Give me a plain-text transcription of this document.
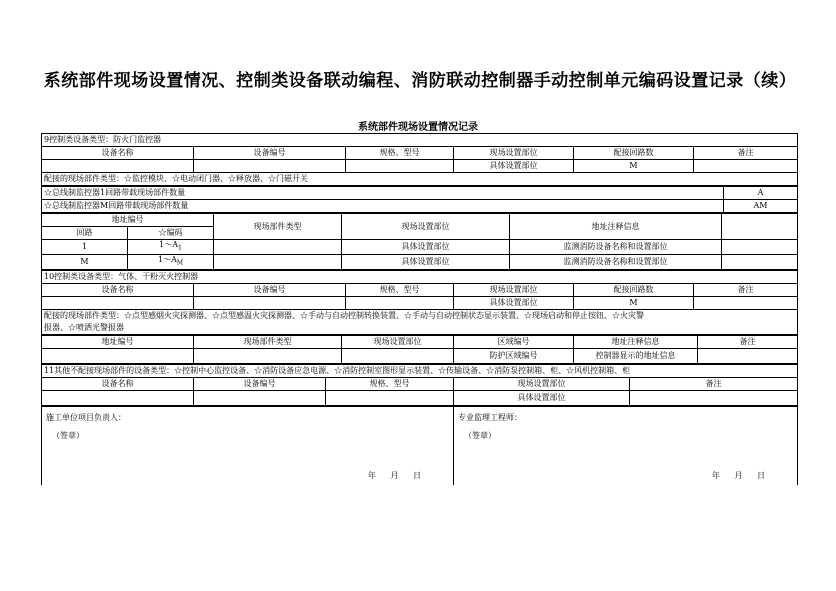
系统部件现场设置情况、控制类设备联动编程、消防联动控制器手动控制单元编码设置记录（续）
系统部件现场设置情况记录
9控制类设备类型：防火门监控器					
设备名称	设备编号	规格、型号	现场设置部位	配接回路数	备注
			具体设置部位	M	
配接的现场部件类型：☆监控模块、☆电动闭门器、☆释放器、☆门磁开关					
☆总线制监控器1回路带载现场部件数量	A
☆总线制监控器M回路带载现场部件数量	AM
地址编号		现场部件类型	现场设置部位	地址注释信息	
回路	☆编码				
1	$1\sim A_1$		具体设置部位	监测消防设备名称和设置部位	
M	$1\sim A_M$		具体设置部位	监测消防设备名称和设置部位	
10控制类设备类型：气体、干粉灭火控制器					
设备名称	设备编号	规格、型号	现场设置部位	配接回路数	备注
			具体设置部位	M	
配接的现场部件类型：☆点型感烟火灾探测器、☆点型感温火灾探测器、☆手动与自动控制转换装置、☆手动与自动控制状态显示装置、☆现场启动和停止按钮、☆火灾警
报器、☆喷洒光警报器					
地址编号	现场部件类型	现场设置部位	区域编号	地址注释信息	备注
			防护区域编号	控制器显示的地址信息	
11其他不配接现场部件的设备类型：☆控制中心监控设备、☆消防设备应急电源、☆消防控制室图形显示装置、☆传输设备、☆消防泵控制箱、柜、☆风机控制箱、柜				
设备名称	设备编号	规格、型号	现场设置部位	备注
			具体设置部位	
施工单位项目负责人：
（签章）
年 月 日

专业监理工程师：
（签章）
年 月 日
